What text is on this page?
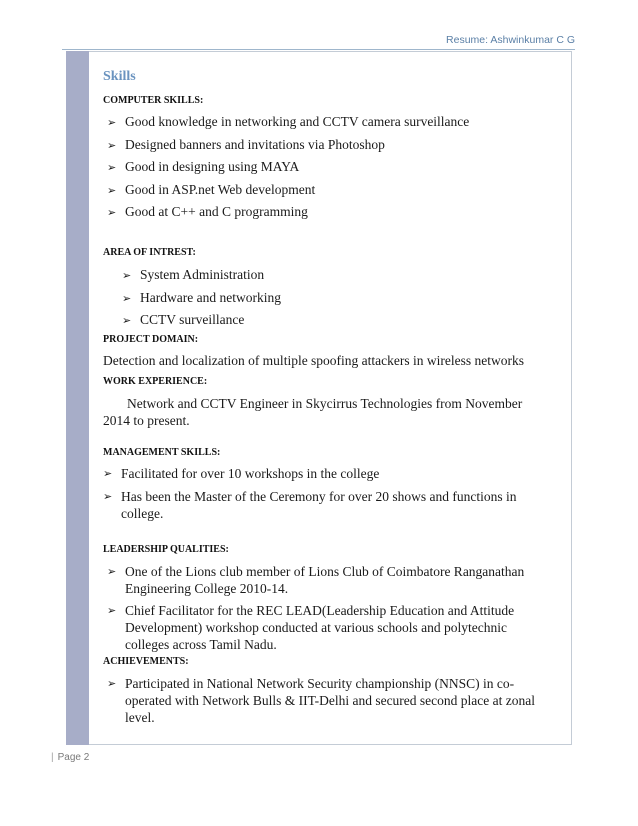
Resume: Ashwinkumar C G
Skills
COMPUTER SKILLS:
➢ Good knowledge in networking and CCTV camera surveillance
➢ Designed banners and invitations via Photoshop
➢ Good in designing using MAYA
➢ Good in ASP.net Web development
➢ Good at C++ and C programming
AREA OF INTREST:
➢ System Administration
➢ Hardware and networking
➢ CCTV surveillance
PROJECT DOMAIN:
Detection and localization of multiple spoofing attackers in wireless networks
WORK EXPERIENCE:
Network and CCTV Engineer in Skycirrus Technologies from November
2014 to present.
MANAGEMENT SKILLS:
➢ Facilitated for over 10 workshops in the college
➢ Has been the Master of the Ceremony for over 20 shows and functions in college.
LEADERSHIP QUALITIES:
➢ One of the Lions club member of Lions Club of Coimbatore Ranganathan Engineering College 2010-14.
➢ Chief Facilitator for the REC LEAD(Leadership Education and Attitude Development) workshop conducted at various schools and polytechnic colleges across Tamil Nadu.
ACHIEVEMENTS:
➢ Participated in National Network Security championship (NNSC) in co-operated with Network Bulls & IIT-Delhi and secured second place at zonal level.
| Page 2
